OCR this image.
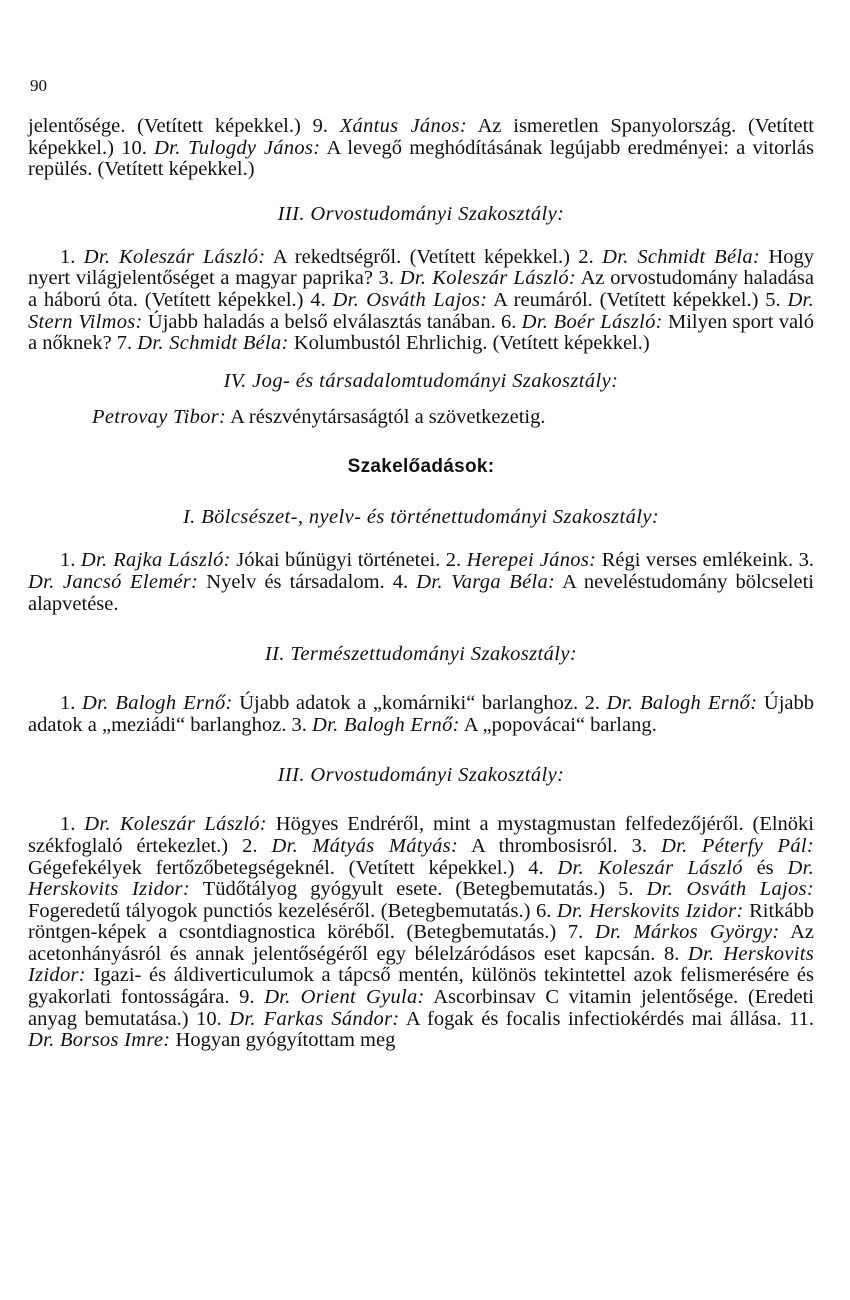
90

jelentősége. (Vetített képekkel.) 9. Xántus János: Az ismeretlen Spanyolország. (Vetített képekkel.) 10. Dr. Tulogdy János: A levegő meghódításának legújabb eredményei: a vitorlás repülés. (Vetített képekkel.)

III. Orvostudományi Szakosztály:

1. Dr. Koleszár László: A rekedtségről. (Vetített képekkel.) 2. Dr. Schmidt Béla: Hogy nyert világjelentőséget a magyar paprika? 3. Dr. Koleszár László: Az orvostudomány haladása a háború óta. (Vetített képekkel.) 4. Dr. Osváth Lajos: A reumáról. (Vetített képekkel.) 5. Dr. Stern Vilmos: Újabb haladás a belső elválasztás tanában. 6. Dr. Boér László: Milyen sport való a nőknek? 7. Dr. Schmidt Béla: Kolumbustól Ehrlichig. (Vetített képekkel.)

IV. Jog- és társadalomtudományi Szakosztály:

Petrovay Tibor: A részvénytársaságtól a szövetkezetig.

Szakelőadások:
I. Bölcsészet-, nyelv- és történettudományi Szakosztály:

1. Dr. Rajka László: Jókai bűnügyi történetei. 2. Herepei János: Régi verses emlékeink. 3. Dr. Jancsó Elemér: Nyelv és társadalom. 4. Dr. Varga Béla: A neveléstudomány bölcseleti alapvetése.

II. Természettudományi Szakosztály:

1. Dr. Balogh Ernő: Újabb adatok a „komárniki“ barlanghoz. 2. Dr. Balogh Ernő: Újabb adatok a „meziádi“ barlanghoz. 3. Dr. Balogh Ernő: A „popovácai“ barlang.

III. Orvostudományi Szakosztály:

1. Dr. Koleszár László: Högyes Endréről, mint a mystagmustan felfedezőjéről. (Elnöki székfoglaló értekezlet.) 2. Dr. Mátyás Mátyás: A thrombosisról. 3. Dr. Péterfy Pál: Gégefekélyek fertőzőbetegségeknél. (Vetített képekkel.) 4. Dr. Koleszár László és Dr. Herskovits Izidor: Tüdőtályog gyógyult esete. (Betegbemutatás.) 5. Dr. Osváth Lajos: Fogeredetű tályogok punctiós kezeléséről. (Betegbemutatás.) 6. Dr. Herskovits Izidor: Ritkább röntgen-képek a csontdiagnostica köréből. (Betegbemutatás.) 7. Dr. Márkos György: Az acetonhányásról és annak jelentőségéről egy bélelzáródásos eset kapcsán. 8. Dr. Herskovits Izidor: Igazi- és áldiverticulumok a tápcső mentén, különös tekintettel azok felismerésére és gyakorlati fontosságára. 9. Dr. Orient Gyula: Ascorbinsav C vitamin jelentősége. (Eredeti anyag bemutatása.) 10. Dr. Farkas Sándor: A fogak és focalis infectiokérdés mai állása. 11. Dr. Borsos Imre: Hogyan gyógyítottam meg
